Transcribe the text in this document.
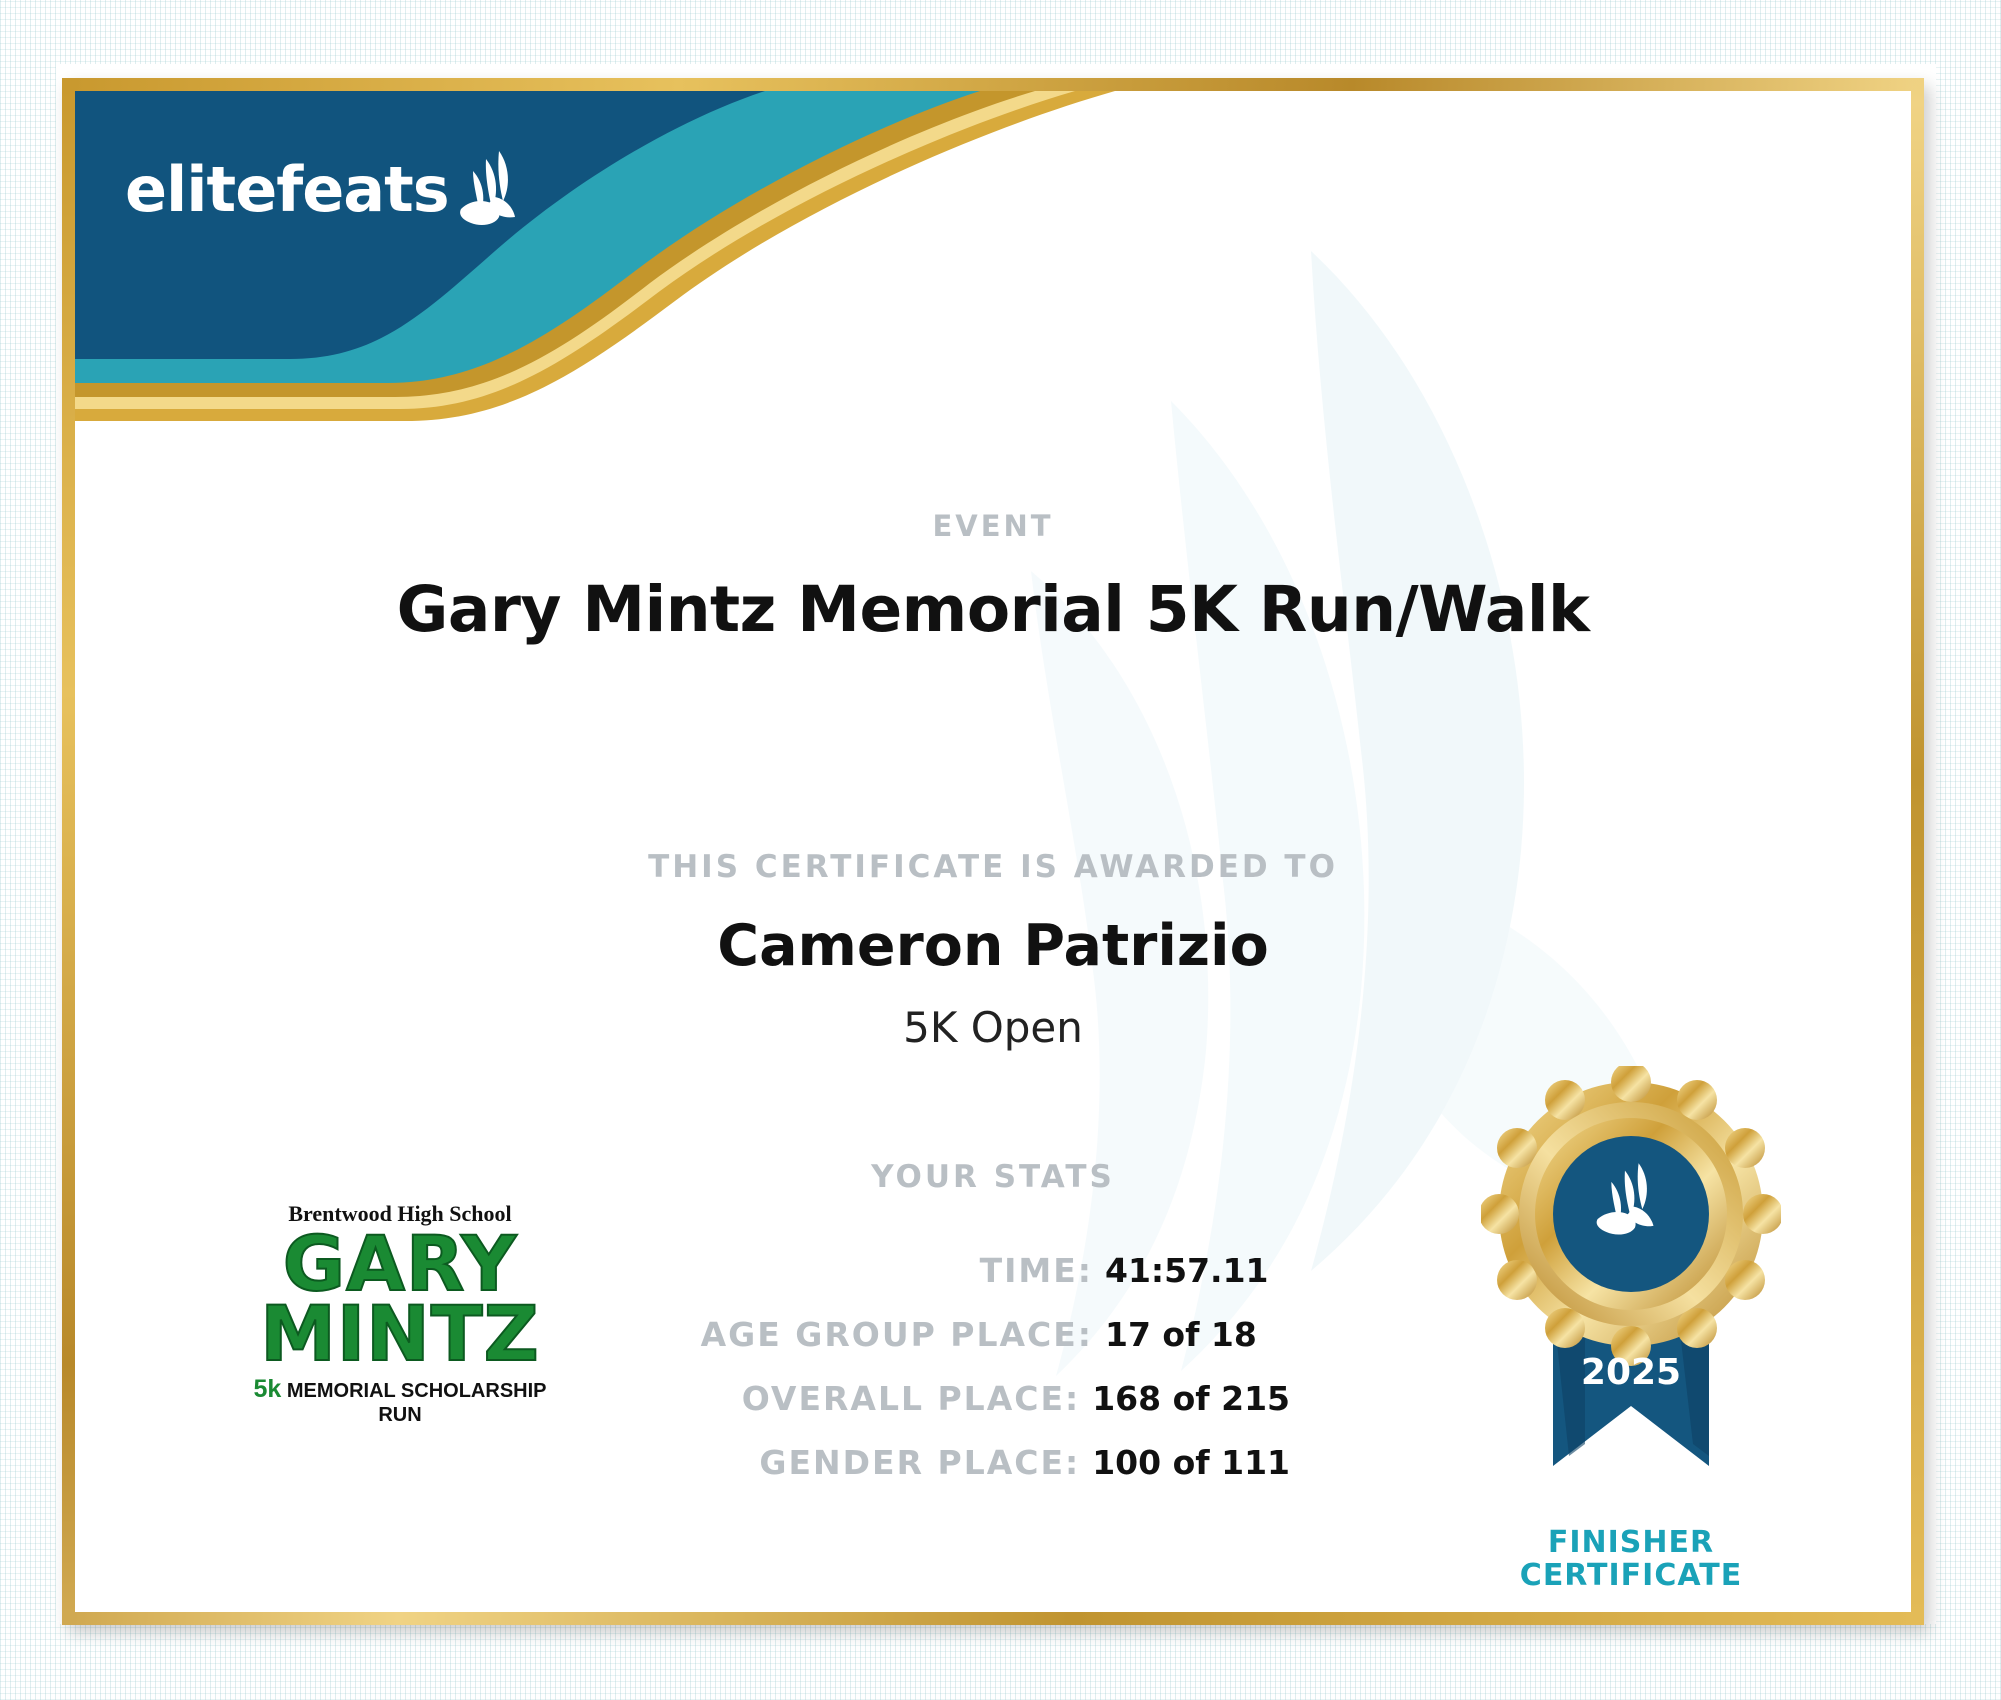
elitefeats
EVENT
Gary Mintz Memorial 5K Run/Walk
THIS CERTIFICATE IS AWARDED TO
Cameron Patrizio
5K Open
YOUR STATS
TIME: 41:57.11
AGE GROUP PLACE: 17 of 18
OVERALL PLACE: 168 of 215
GENDER PLACE: 100 of 111
Brentwood High School
GARY
MINTZ
5k MEMORIAL SCHOLARSHIP RUN
2025
FINISHER
CERTIFICATE
